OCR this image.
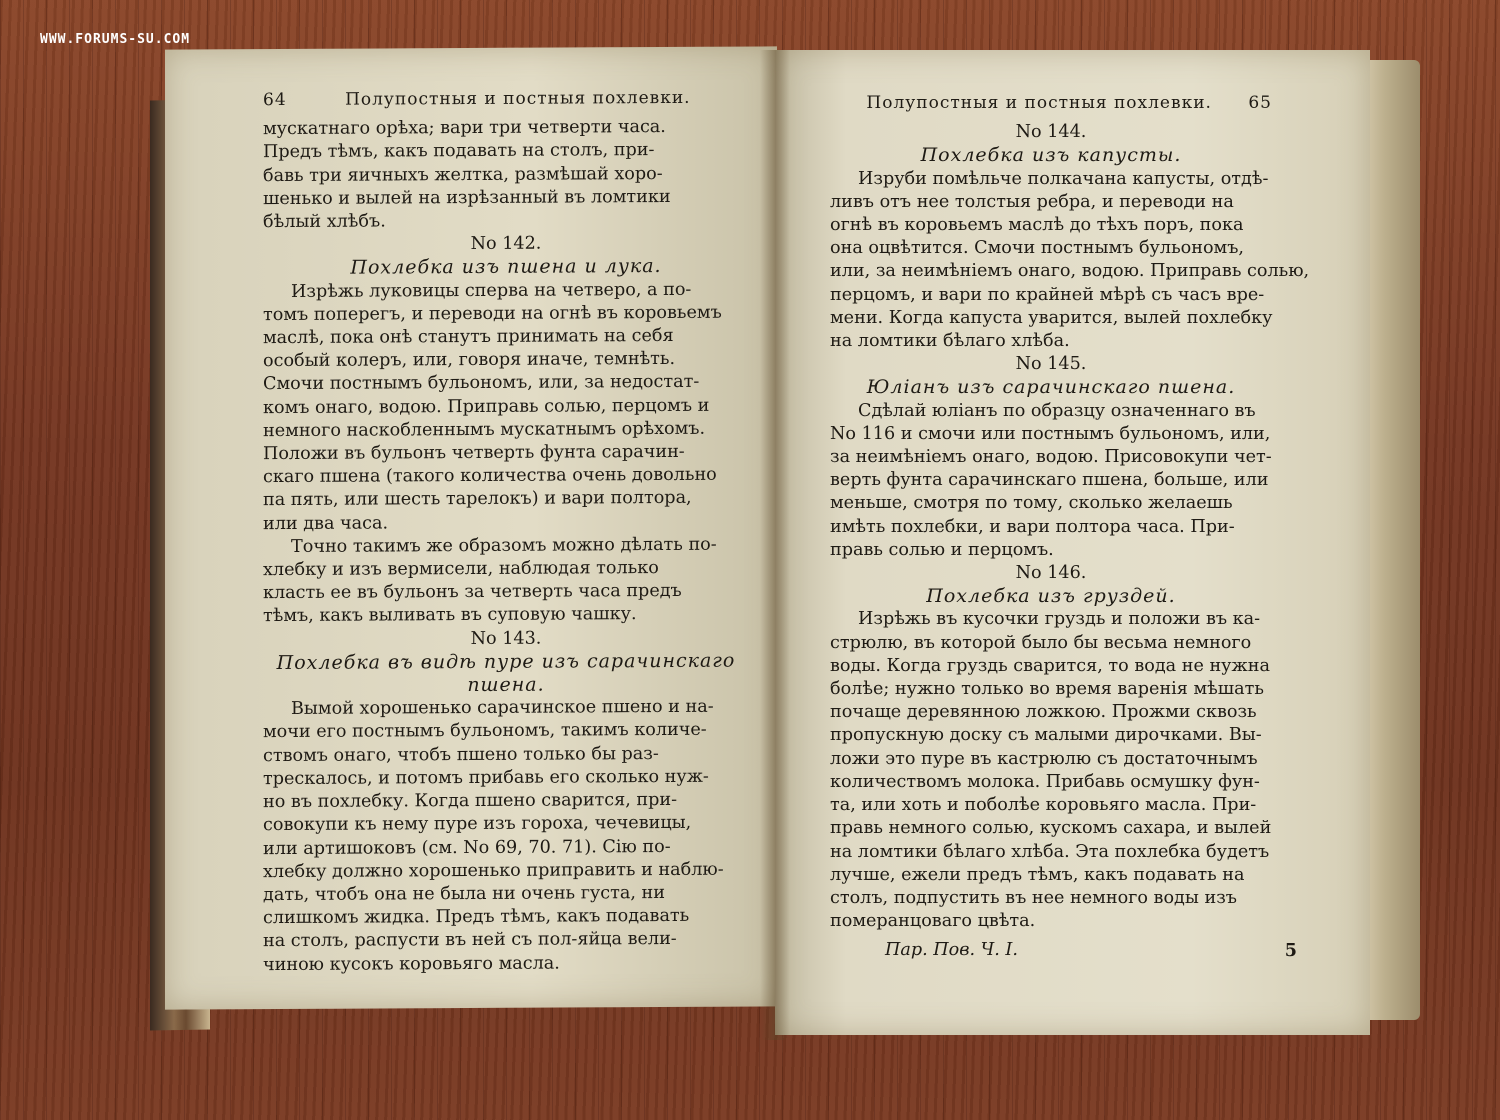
WWW.FORUMS-SU.COM
64	Полупостныя и постныя похлевки.
мускатнаго орѣха; вари три четверти часа.
Предъ тѣмъ, какъ подавать на столъ, при-
бавь три яичныхъ желтка, размѣшай хоро-
шенько и вылей на изрѣзанный въ ломтики
бѣлый хлѣбъ.
No 142.
Похлебка изъ пшена и лука.
Изрѣжь луковицы сперва на четверо, а по-
томъ поперегъ, и переводи на огнѣ въ коровьемъ
маслѣ, пока онѣ станутъ принимать на себя
особый колеръ, или, говоря иначе, темнѣть.
Смочи постнымъ бульономъ, или, за недостат-
комъ онаго, водою. Приправь солью, перцомъ и
немного наскобленнымъ мускатнымъ орѣхомъ.
Положи въ бульонъ четверть фунта сарачин-
скаго пшена (такого количества очень довольно
па пять, или шесть тарелокъ) и вари полтора,
или два часа.
Точно такимъ же образомъ можно дѣлать по-
хлебку и изъ вермисели, наблюдая только
класть ее въ бульонъ за четверть часа предъ
тѣмъ, какъ выливать въ суповую чашку.
No 143.
Похлебка въ видѣ пуре изъ сарачинскаго
пшена.
Вымой хорошенько сарачинское пшено и на-
мочи его постнымъ бульономъ, такимъ количе-
ствомъ онаго, чтобъ пшено только бы раз-
трескалось, и потомъ прибавь его сколько нуж-
но въ похлебку. Когда пшено сварится, при-
совокупи къ нему пуре изъ гороха, чечевицы,
или артишоковъ (см. No 69, 70. 71). Сію по-
хлебку должно хорошенько приправить и наблю-
дать, чтобъ она не была ни очень густа, ни
слишкомъ жидка. Предъ тѣмъ, какъ подавать
на столъ, распусти въ ней съ пол-яйца вели-
чиною кусокъ коровьяго масла.
Полупостныя и постныя похлевки.	65
No 144.
Похлебка изъ капусты.
Изруби помѣльче полкачана капусты, отдѣ-
ливъ отъ нее толстыя ребра, и переводи на
огнѣ въ коровьемъ маслѣ до тѣхъ поръ, пока
она оцвѣтится. Смочи постнымъ бульономъ,
или, за неимѣніемъ онаго, водою. Приправь солью,
перцомъ, и вари по крайней мѣрѣ съ часъ вре-
мени. Когда капуста уварится, вылей похлебку
на ломтики бѣлаго хлѣба.
No 145.
Юліанъ изъ сарачинскаго пшена.
Сдѣлай юліанъ по образцу означеннаго въ
No 116 и смочи или постнымъ бульономъ, или,
за неимѣніемъ онаго, водою. Присовокупи чет-
верть фунта сарачинскаго пшена, больше, или
меньше, смотря по тому, сколько желаешь
имѣть похлебки, и вари полтора часа. При-
правь солью и перцомъ.
No 146.
Похлебка изъ груздей.
Изрѣжь въ кусочки груздь и положи въ ка-
стрюлю, въ которой было бы весьма немного
воды. Когда груздь сварится, то вода не нужна
болѣе; нужно только во время варенія мѣшать
почаще деревянною ложкою. Прожми сквозь
пропускную доску съ малыми дирочками. Вы-
ложи это пуре въ кастрюлю съ достаточнымъ
количествомъ молока. Прибавь осмушку фун-
та, или хоть и поболѣе коровьяго масла. При-
правь немного солью, кускомъ сахара, и вылей
на ломтики бѣлаго хлѣба. Эта похлебка будетъ
лучше, ежели предъ тѣмъ, какъ подавать на
столъ, подпустить въ нее немного воды изъ
померанцоваго цвѣта.
Пар. Пов. Ч. I.	5
